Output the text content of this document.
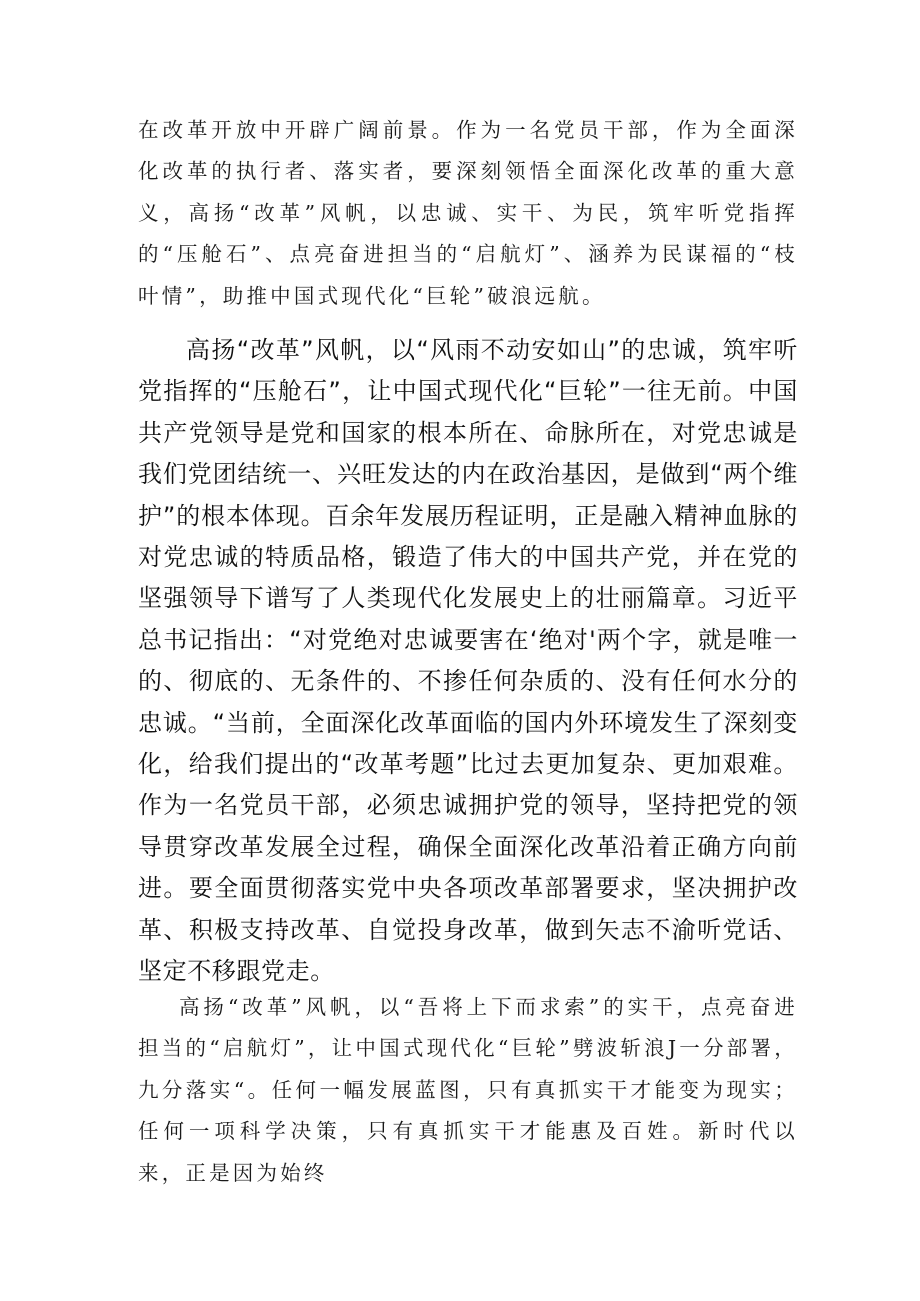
在改革开放中开辟广阔前景。作为一名党员干部，作为全面深化改革的执行者、落实者，要深刻领悟全面深化改革的重大意义，高扬“改革”风帆，以忠诚、实干、为民，筑牢听党指挥的“压舱石”、点亮奋进担当的“启航灯”、涵养为民谋福的“枝叶情”，助推中国式现代化“巨轮”破浪远航。

高扬“改革”风帆，以“风雨不动安如山”的忠诚，筑牢听党指挥的“压舱石”，让中国式现代化“巨轮”一往无前。中国共产党领导是党和国家的根本所在、命脉所在，对党忠诚是我们党团结统一、兴旺发达的内在政治基因，是做到“两个维护”的根本体现。百余年发展历程证明，正是融入精神血脉的对党忠诚的特质品格，锻造了伟大的中国共产党，并在党的坚强领导下谱写了人类现代化发展史上的壮丽篇章。习近平总书记指出：“对党绝对忠诚要害在‘绝对'两个字，就是唯一的、彻底的、无条件的、不掺任何杂质的、没有任何水分的忠诚。“当前，全面深化改革面临的国内外环境发生了深刻变化，给我们提出的“改革考题”比过去更加复杂、更加艰难。作为一名党员干部，必须忠诚拥护党的领导，坚持把党的领导贯穿改革发展全过程，确保全面深化改革沿着正确方向前进。要全面贯彻落实党中央各项改革部署要求，坚决拥护改革、积极支持改革、自觉投身改革，做到矢志不渝听党话、坚定不移跟党走。

高扬“改革”风帆，以“吾将上下而求索”的实干，点亮奋进担当的“启航灯”，让中国式现代化“巨轮”劈波斩浪J一分部署，九分落实“。任何一幅发展蓝图，只有真抓实干才能变为现实；任何一项科学决策，只有真抓实干才能惠及百姓。新时代以来，正是因为始终
